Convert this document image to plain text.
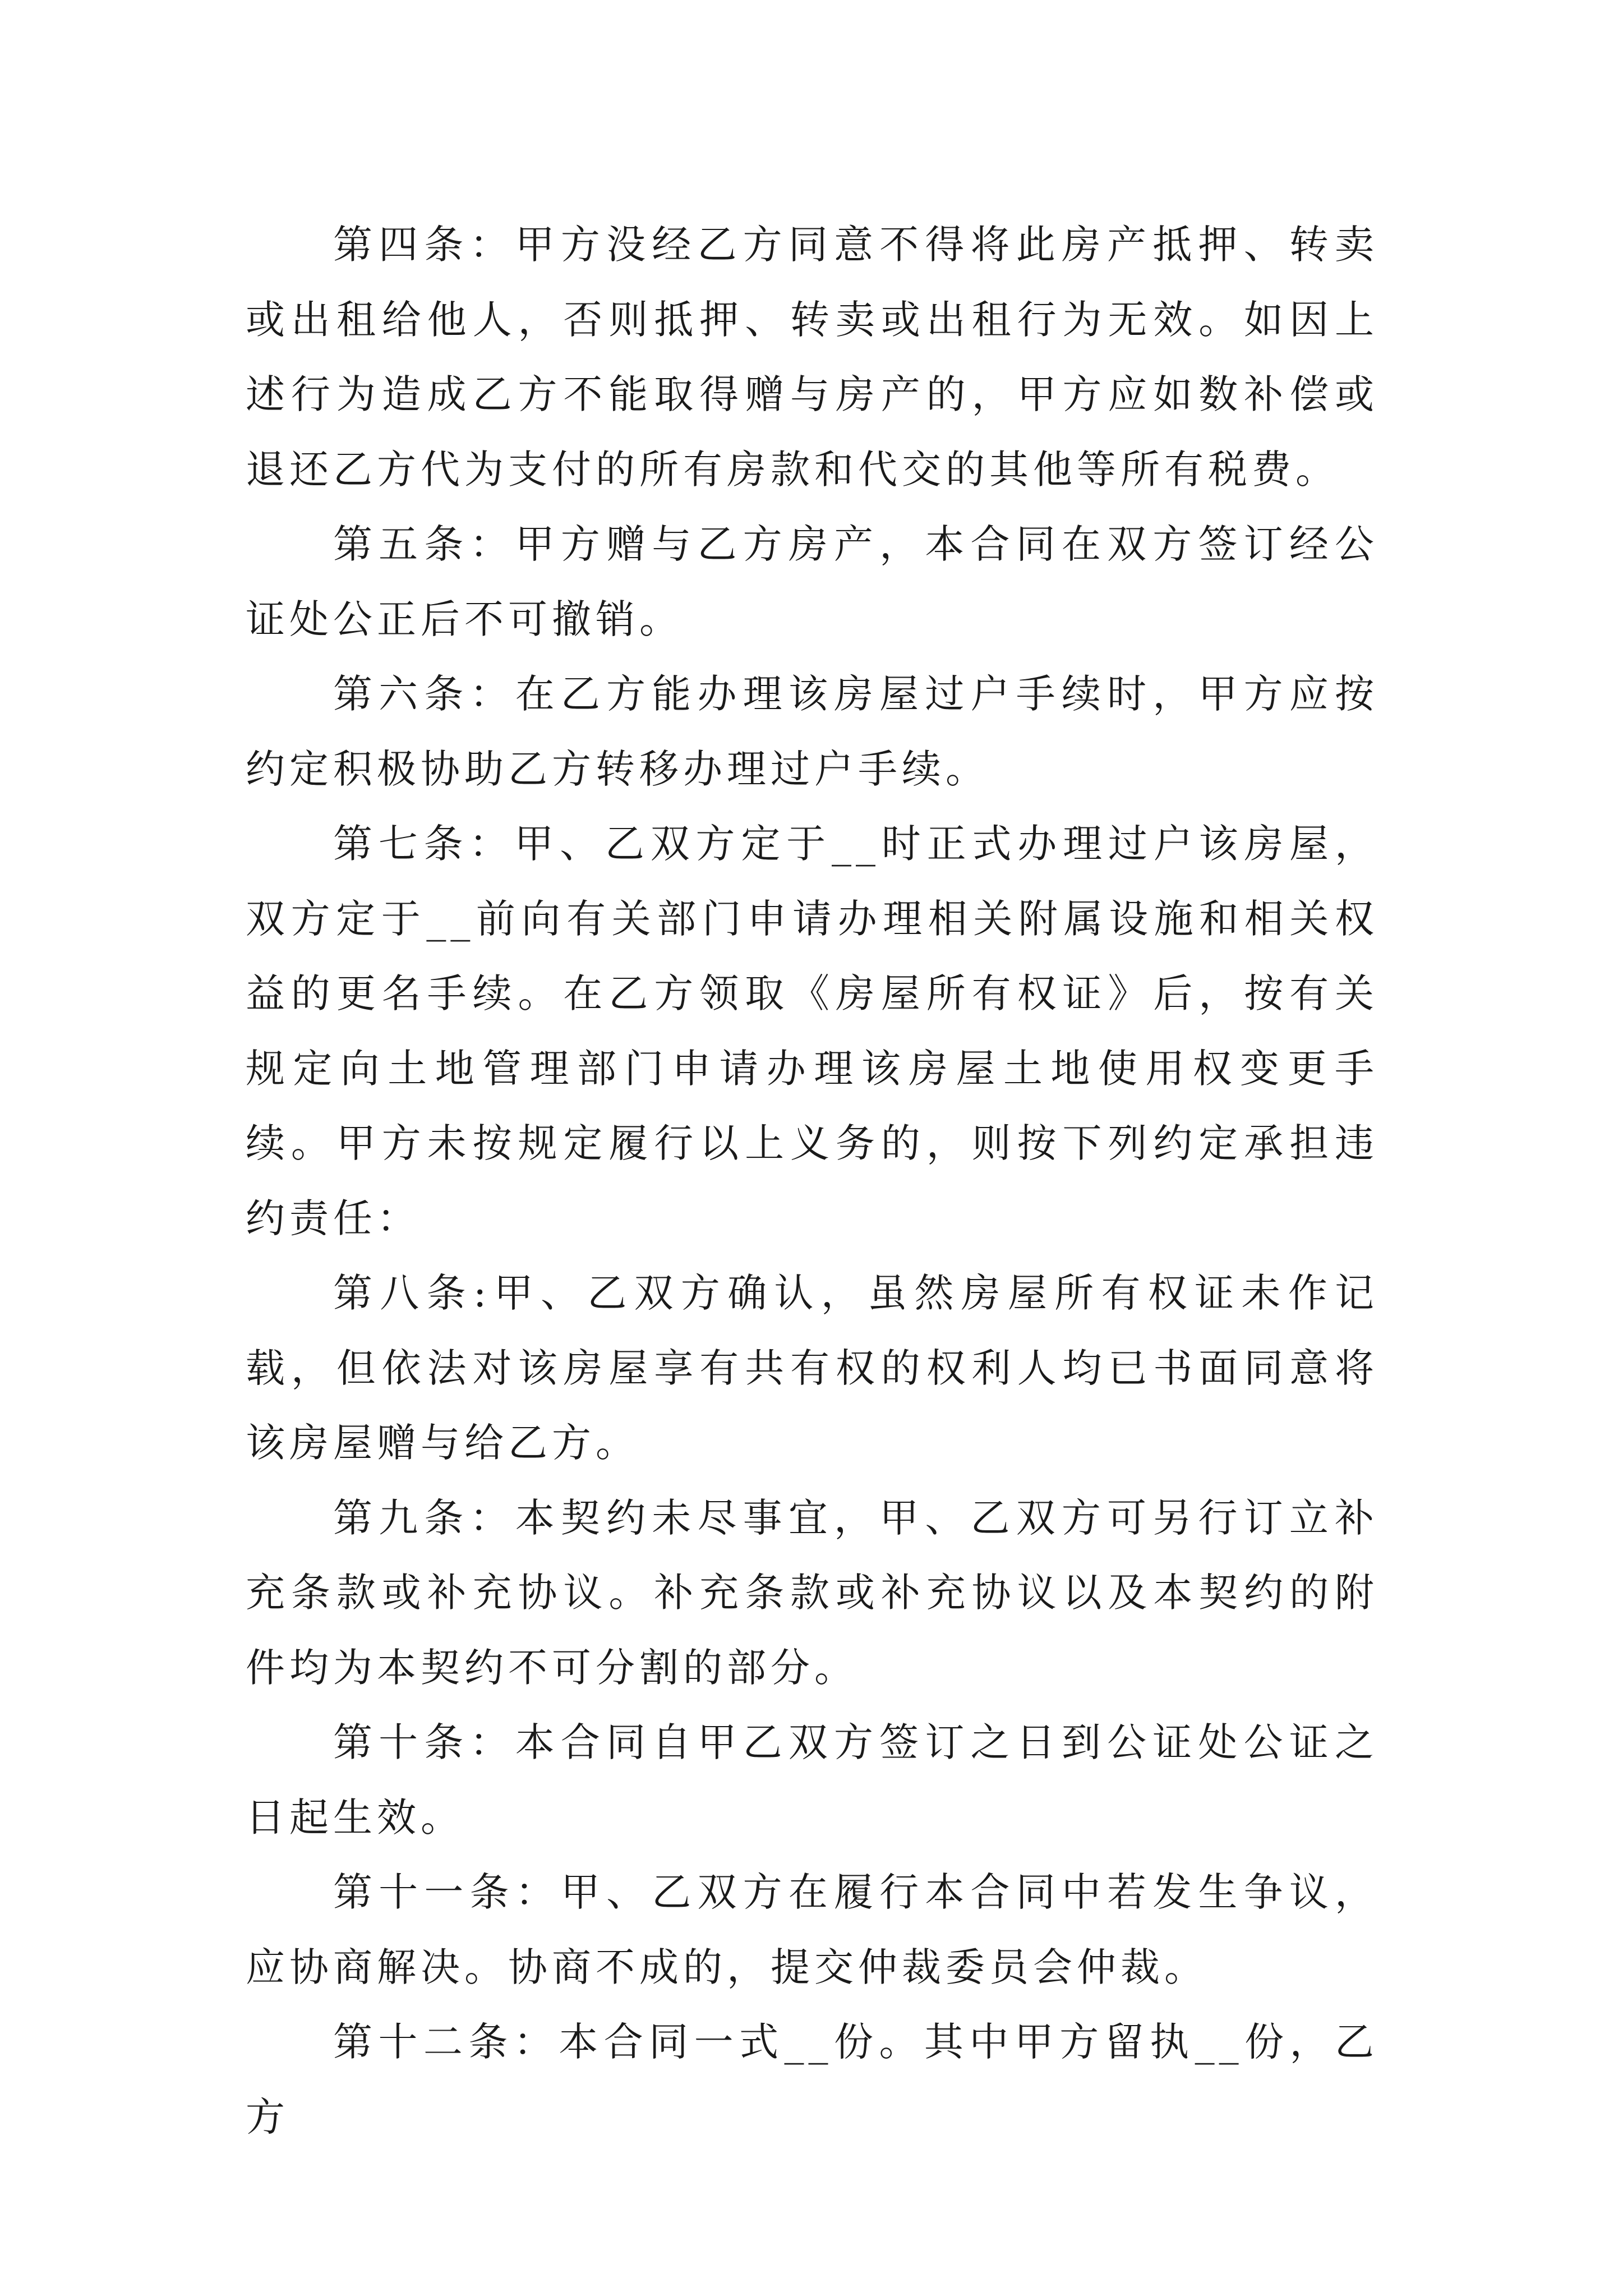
第四条：甲方没经乙方同意不得将此房产抵押、转卖或出租给他人，否则抵押、转卖或出租行为无效。如因上述行为造成乙方不能取得赠与房产的，甲方应如数补偿或退还乙方代为支付的所有房款和代交的其他等所有税费。

第五条：甲方赠与乙方房产，本合同在双方签订经公证处公正后不可撤销。

第六条：在乙方能办理该房屋过户手续时，甲方应按约定积极协助乙方转移办理过户手续。

第七条：甲、乙双方定于__时正式办理过户该房屋，双方定于__前向有关部门申请办理相关附属设施和相关权益的更名手续。在乙方领取《房屋所有权证》后，按有关规定向土地管理部门申请办理该房屋土地使用权变更手续。甲方未按规定履行以上义务的，则按下列约定承担违约责任：

第八条:甲、乙双方确认，虽然房屋所有权证未作记载，但依法对该房屋享有共有权的权利人均已书面同意将该房屋赠与给乙方。

第九条：本契约未尽事宜，甲、乙双方可另行订立补充条款或补充协议。补充条款或补充协议以及本契约的附件均为本契约不可分割的部分。

第十条：本合同自甲乙双方签订之日到公证处公证之日起生效。

第十一条：甲、乙双方在履行本合同中若发生争议，应协商解决。协商不成的，提交仲裁委员会仲裁。

第十二条：本合同一式__份。其中甲方留执__份，乙方
